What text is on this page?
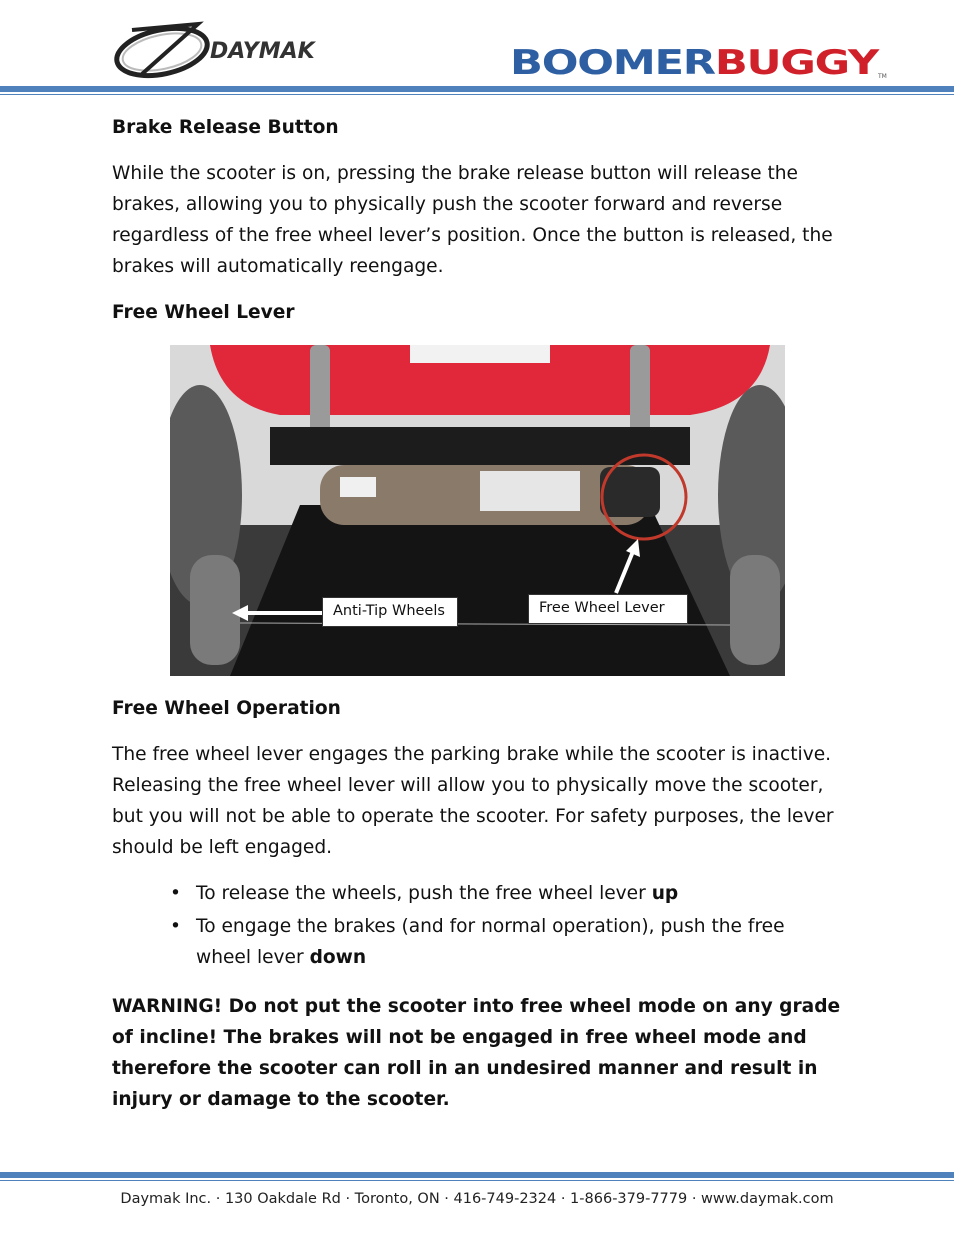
DAYMAK	BOOMER BUGGY	TM

Brake Release Button

While the scooter is on, pressing the brake release button will release the brakes, allowing you to physically push the scooter forward and reverse regardless of the free wheel lever’s position. Once the button is released, the brakes will automatically reengage.

Free Wheel Lever

Anti-Tip Wheels	Free Wheel Lever

Free Wheel Operation

The free wheel lever engages the parking brake while the scooter is inactive. Releasing the free wheel lever will allow you to physically move the scooter, but you will not be able to operate the scooter. For safety purposes, the lever should be left engaged.

• To release the wheels, push the free wheel lever up
• To engage the brakes (and for normal operation), push the free wheel lever down

WARNING! Do not put the scooter into free wheel mode on any grade of incline! The brakes will not be engaged in free wheel mode and therefore the scooter can roll in an undesired manner and result in injury or damage to the scooter.

Daymak Inc. · 130 Oakdale Rd · Toronto, ON · 416-749-2324 · 1-866-379-7779 · www.daymak.com
